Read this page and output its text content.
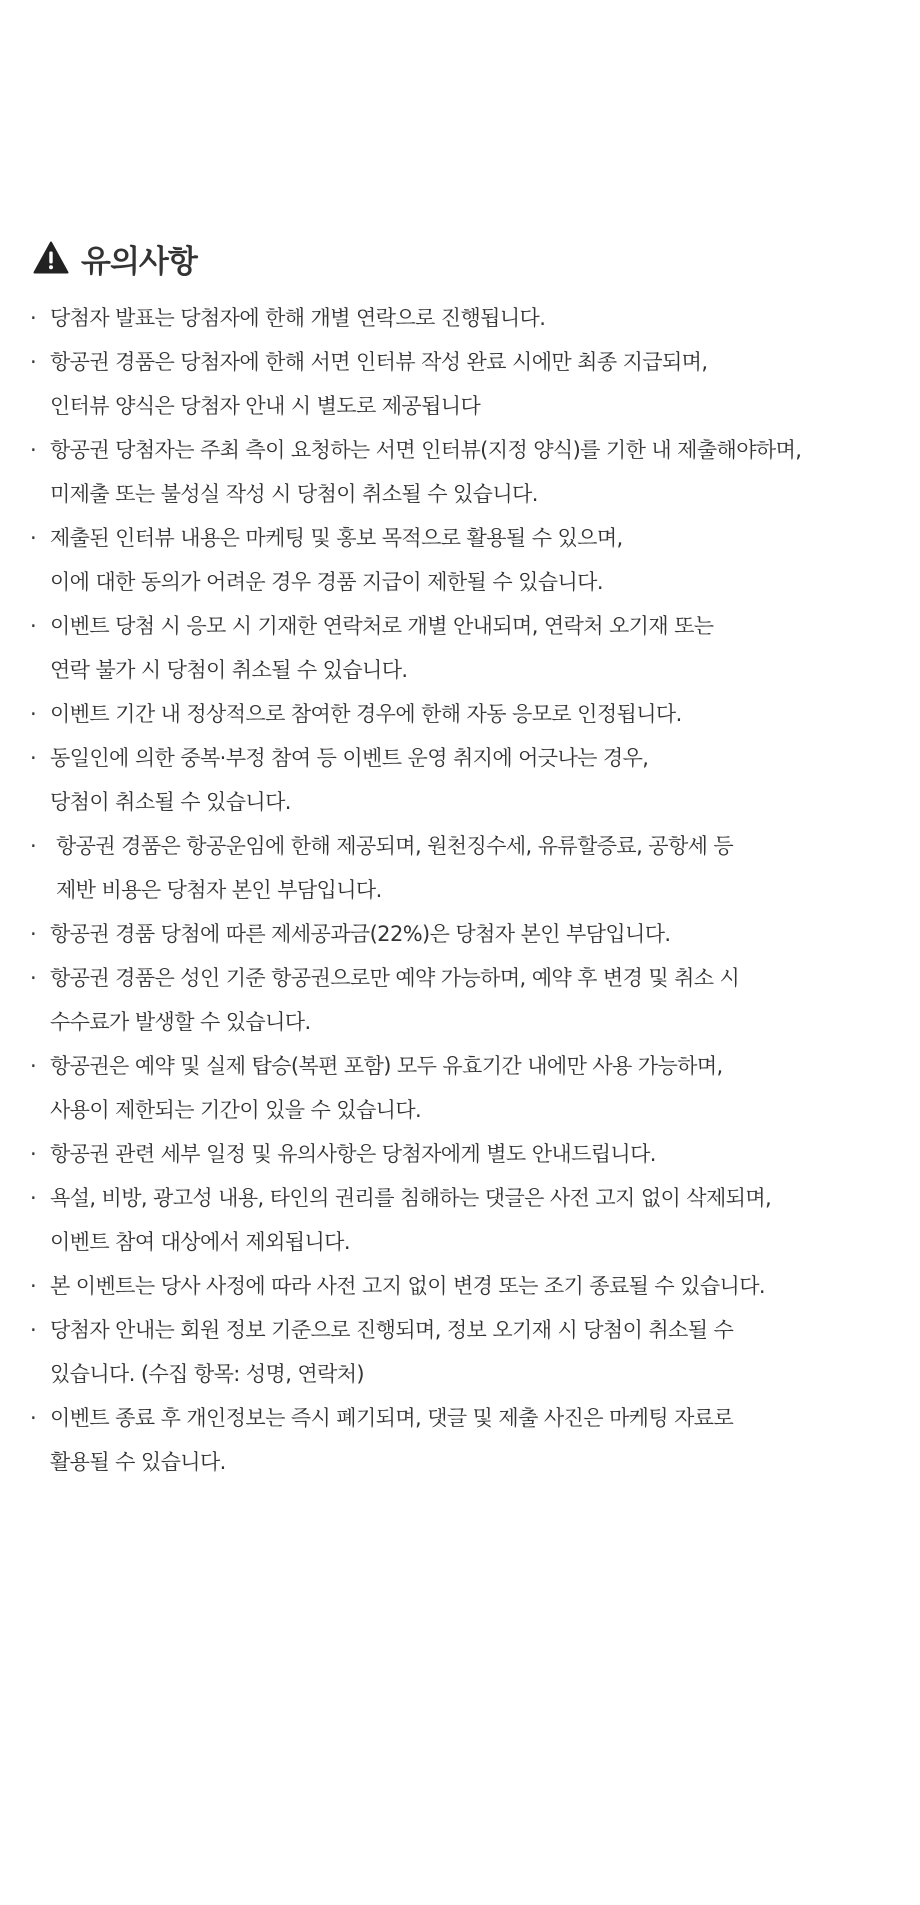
유의사항
· 당첨자 발표는 당첨자에 한해 개별 연락으로 진행됩니다.
· 항공권 경품은 당첨자에 한해 서면 인터뷰 작성 완료 시에만 최종 지급되며,
인터뷰 양식은 당첨자 안내 시 별도로 제공됩니다
· 항공권 당첨자는 주최 측이 요청하는 서면 인터뷰(지정 양식)를 기한 내 제출해야하며,
미제출 또는 불성실 작성 시 당첨이 취소될 수 있습니다.
· 제출된 인터뷰 내용은 마케팅 및 홍보 목적으로 활용될 수 있으며,
이에 대한 동의가 어려운 경우 경품 지급이 제한될 수 있습니다.
· 이벤트 당첨 시 응모 시 기재한 연락처로 개별 안내되며, 연락처 오기재 또는
연락 불가 시 당첨이 취소될 수 있습니다.
· 이벤트 기간 내 정상적으로 참여한 경우에 한해 자동 응모로 인정됩니다.
· 동일인에 의한 중복·부정 참여 등 이벤트 운영 취지에 어긋나는 경우,
당첨이 취소될 수 있습니다.
· 항공권 경품은 항공운임에 한해 제공되며, 원천징수세, 유류할증료, 공항세 등
제반 비용은 당첨자 본인 부담입니다.
· 항공권 경품 당첨에 따른 제세공과금(22%)은 당첨자 본인 부담입니다.
· 항공권 경품은 성인 기준 항공권으로만 예약 가능하며, 예약 후 변경 및 취소 시
수수료가 발생할 수 있습니다.
· 항공권은 예약 및 실제 탑승(복편 포함) 모두 유효기간 내에만 사용 가능하며,
사용이 제한되는 기간이 있을 수 있습니다.
· 항공권 관련 세부 일정 및 유의사항은 당첨자에게 별도 안내드립니다.
· 욕설, 비방, 광고성 내용, 타인의 권리를 침해하는 댓글은 사전 고지 없이 삭제되며,
이벤트 참여 대상에서 제외됩니다.
· 본 이벤트는 당사 사정에 따라 사전 고지 없이 변경 또는 조기 종료될 수 있습니다.
· 당첨자 안내는 회원 정보 기준으로 진행되며, 정보 오기재 시 당첨이 취소될 수
있습니다. (수집 항목: 성명, 연락처)
· 이벤트 종료 후 개인정보는 즉시 폐기되며, 댓글 및 제출 사진은 마케팅 자료로
활용될 수 있습니다.
